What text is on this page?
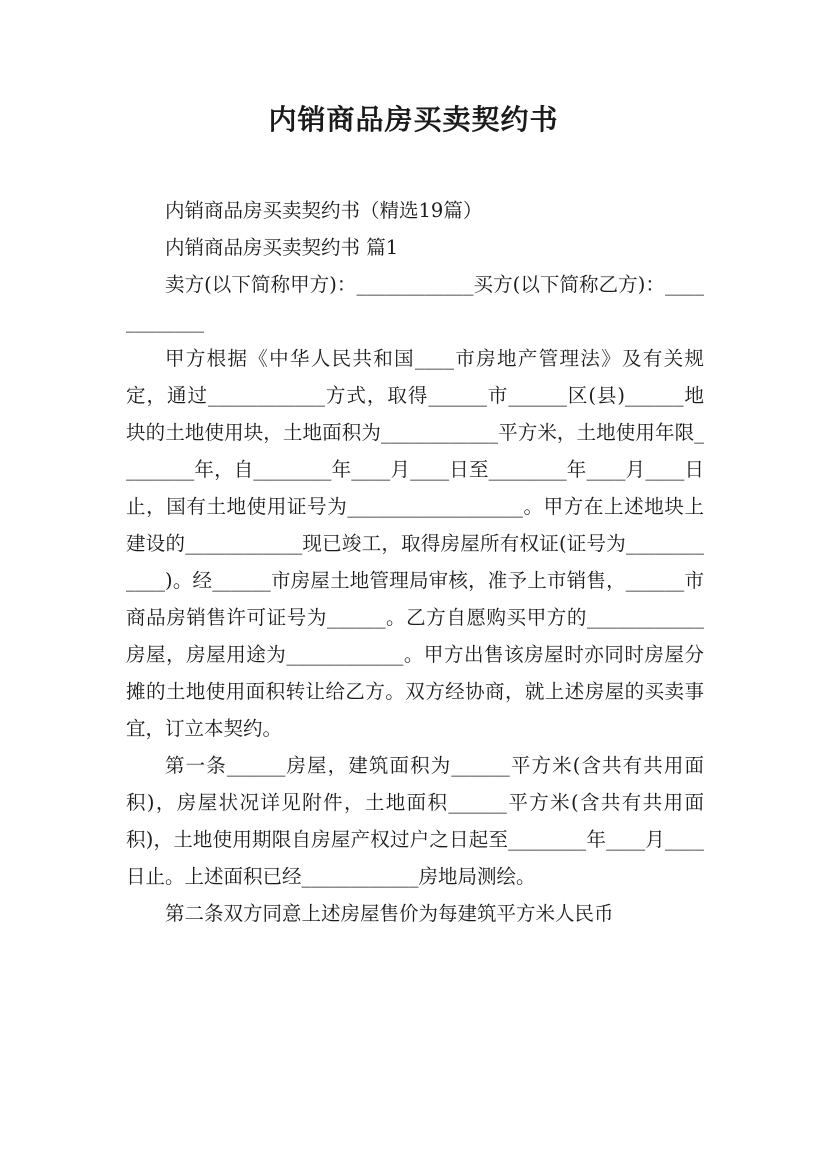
内销商品房买卖契约书

内销商品房买卖契约书（精选19篇）

内销商品房买卖契约书 篇1

卖方(以下简称甲方)：____________买方(以下简称乙方)：____________

甲方根据《中华人民共和国____市房地产管理法》及有关规定，通过____________方式，取得______市______区(县)______地块的土地使用块，土地面积为____________平方米，土地使用年限________年，自________年____月____日至________年____月____日止，国有土地使用证号为__________________。甲方在上述地块上建设的____________现已竣工，取得房屋所有权证(证号为____________)。经______市房屋土地管理局审核，准予上市销售，______市商品房销售许可证号为______。乙方自愿购买甲方的____________房屋，房屋用途为____________。甲方出售该房屋时亦同时房屋分摊的土地使用面积转让给乙方。双方经协商，就上述房屋的买卖事宜，订立本契约。

第一条______房屋，建筑面积为______平方米(含共有共用面积)，房屋状况详见附件，土地面积______平方米(含共有共用面积)，土地使用期限自房屋产权过户之日起至________年____月____日止。上述面积已经____________房地局测绘。

第二条双方同意上述房屋售价为每建筑平方米人民币
